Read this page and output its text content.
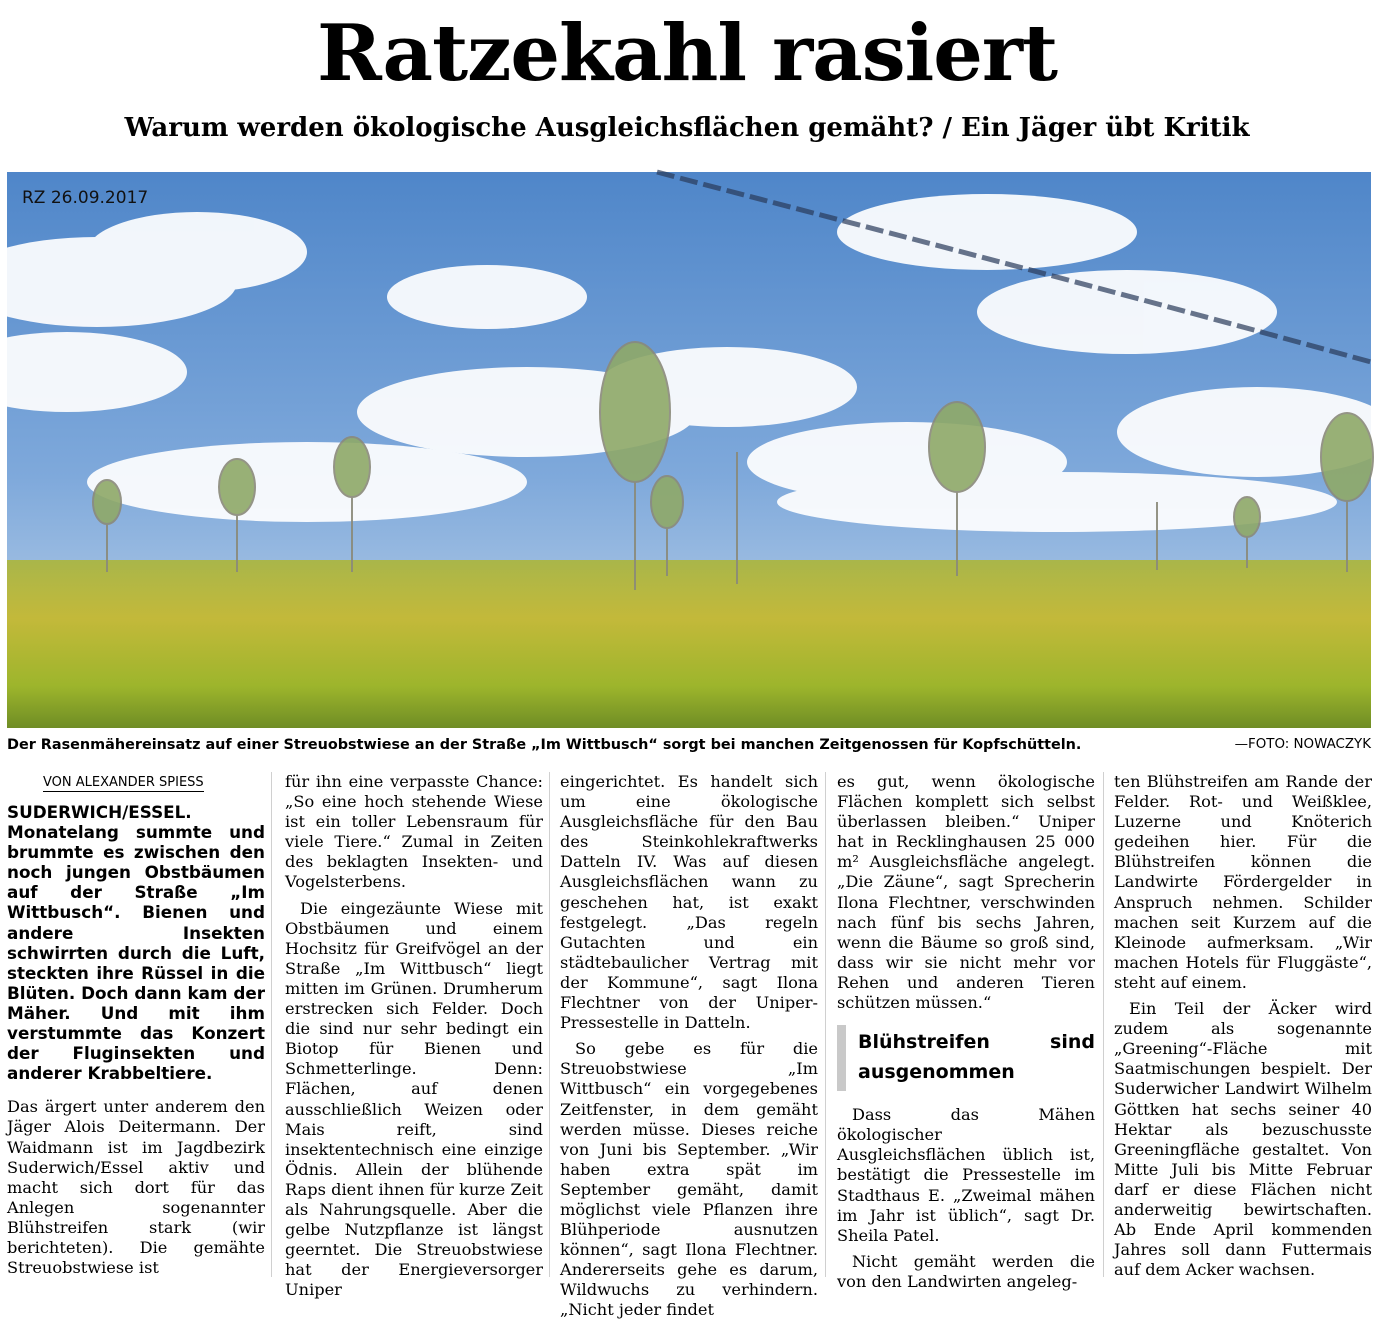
Ratzekahl rasiert
Warum werden ökologische Ausgleichsflächen gemäht? / Ein Jäger übt Kritik
RZ 26.09.2017
Der Rasenmähereinsatz auf einer Streuobstwiese an der Straße „Im Wittbusch“ sorgt bei manchen Zeitgenossen für Kopfschütteln.	—FOTO: NOWACZYK
VON ALEXANDER SPIESS
SUDERWICH/ESSEL. Monatelang summte und brummte es zwischen den noch jungen Obstbäumen auf der Straße „Im Wittbusch“. Bienen und andere Insekten schwirrten durch die Luft, steckten ihre Rüssel in die Blüten. Doch dann kam der Mäher. Und mit ihm verstummte das Konzert der Fluginsekten und anderer Krabbeltiere.

Das ärgert unter anderem den Jäger Alois Deitermann. Der Waidmann ist im Jagdbezirk Suderwich/Essel aktiv und macht sich dort für das Anlegen sogenannter Blühstreifen stark (wir berichteten). Die gemähte Streuobstwiese ist

für ihn eine verpasste Chance: „So eine hoch stehende Wiese ist ein toller Lebensraum für viele Tiere.“ Zumal in Zeiten des beklagten Insekten- und Vogelsterbens.

Die eingezäunte Wiese mit Obstbäumen und einem Hochsitz für Greifvögel an der Straße „Im Wittbusch“ liegt mitten im Grünen. Drumherum erstrecken sich Felder. Doch die sind nur sehr bedingt ein Biotop für Bienen und Schmetterlinge. Denn: Flächen, auf denen ausschließlich Weizen oder Mais reift, sind insektentechnisch eine einzige Ödnis. Allein der blühende Raps dient ihnen für kurze Zeit als Nahrungsquelle. Aber die gelbe Nutzpflanze ist längst geerntet. Die Streuobstwiese hat der Energieversorger Uniper

eingerichtet. Es handelt sich um eine ökologische Ausgleichsfläche für den Bau des Steinkohlekraftwerks Datteln IV. Was auf diesen Ausgleichsflächen wann zu geschehen hat, ist exakt festgelegt. „Das regeln Gutachten und ein städtebaulicher Vertrag mit der Kommune“, sagt Ilona Flechtner von der Uniper-Pressestelle in Datteln.

So gebe es für die Streuobstwiese „Im Wittbusch“ ein vorgegebenes Zeitfenster, in dem gemäht werden müsse. Dieses reiche von Juni bis September. „Wir haben extra spät im September gemäht, damit möglichst viele Pflanzen ihre Blühperiode ausnutzen können“, sagt Ilona Flechtner. Andererseits gehe es darum, Wildwuchs zu verhindern. „Nicht jeder findet

es gut, wenn ökologische Flächen komplett sich selbst überlassen bleiben.“ Uniper hat in Recklinghausen 25 000 m² Ausgleichsfläche angelegt. „Die Zäune“, sagt Sprecherin Ilona Flechtner, verschwinden nach fünf bis sechs Jahren, wenn die Bäume so groß sind, dass wir sie nicht mehr vor Rehen und anderen Tieren schützen müssen.“

Blühstreifen sind ausgenommen

Dass das Mähen ökologischer Ausgleichsflächen üblich ist, bestätigt die Pressestelle im Stadthaus E. „Zweimal mähen im Jahr ist üblich“, sagt Dr. Sheila Patel.

Nicht gemäht werden die von den Landwirten angeleg-

ten Blühstreifen am Rande der Felder. Rot- und Weißklee, Luzerne und Knöterich gedeihen hier. Für die Blühstreifen können die Landwirte Fördergelder in Anspruch nehmen. Schilder machen seit Kurzem auf die Kleinode aufmerksam. „Wir machen Hotels für Fluggäste“, steht auf einem.

Ein Teil der Äcker wird zudem als sogenannte „Greening“-Fläche mit Saatmischungen bespielt. Der Suderwicher Landwirt Wilhelm Göttken hat sechs seiner 40 Hektar als bezuschusste Greeningfläche gestaltet. Von Mitte Juli bis Mitte Februar darf er diese Flächen nicht anderweitig bewirtschaften. Ab Ende April kommenden Jahres soll dann Futtermais auf dem Acker wachsen.
